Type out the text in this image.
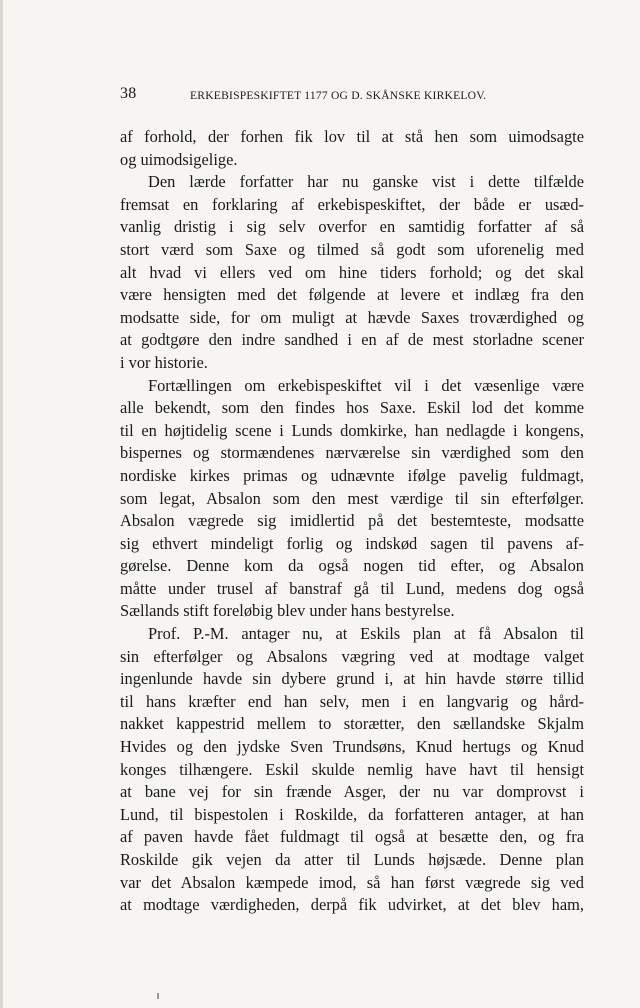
38	ERKEBISPESKIFTET 1177 OG D. SKÅNSKE KIRKELOV.
af forhold, der forhen fik lov til at stå hen som uimodsagte
og uimodsigelige.
Den lærde forfatter har nu ganske vist i dette tilfælde
fremsat en forklaring af erkebispeskiftet, der både er usæd-
vanlig dristig i sig selv overfor en samtidig forfatter af så
stort værd som Saxe og tilmed så godt som uforenelig med
alt hvad vi ellers ved om hine tiders forhold; og det skal
være hensigten med det følgende at levere et indlæg fra den
modsatte side, for om muligt at hævde Saxes troværdighed og
at godtgøre den indre sandhed i en af de mest storladne scener
i vor historie.
Fortællingen om erkebispeskiftet vil i det væsenlige være
alle bekendt, som den findes hos Saxe. Eskil lod det komme
til en højtidelig scene i Lunds domkirke, han nedlagde i kongens,
bispernes og stormændenes nærværelse sin værdighed som den
nordiske kirkes primas og udnævnte ifølge pavelig fuldmagt,
som legat, Absalon som den mest værdige til sin efterfølger.
Absalon vægrede sig imidlertid på det bestemteste, modsatte
sig ethvert mindeligt forlig og indskød sagen til pavens af-
gørelse. Denne kom da også nogen tid efter, og Absalon
måtte under trusel af banstraf gå til Lund, medens dog også
Sællands stift foreløbig blev under hans bestyrelse.
Prof. P.-M. antager nu, at Eskils plan at få Absalon til
sin efterfølger og Absalons vægring ved at modtage valget
ingenlunde havde sin dybere grund i, at hin havde større tillid
til hans kræfter end han selv, men i en langvarig og hård-
nakket kappestrid mellem to storætter, den sællandske Skjalm
Hvides og den jydske Sven Trundsøns, Knud hertugs og Knud
konges tilhængere. Eskil skulde nemlig have havt til hensigt
at bane vej for sin frænde Asger, der nu var domprovst i
Lund, til bispestolen i Roskilde, da forfatteren antager, at han
af paven havde fået fuldmagt til også at besætte den, og fra
Roskilde gik vejen da atter til Lunds højsæde. Denne plan
var det Absalon kæmpede imod, så han først vægrede sig ved
at modtage værdigheden, derpå fik udvirket, at det blev ham,
